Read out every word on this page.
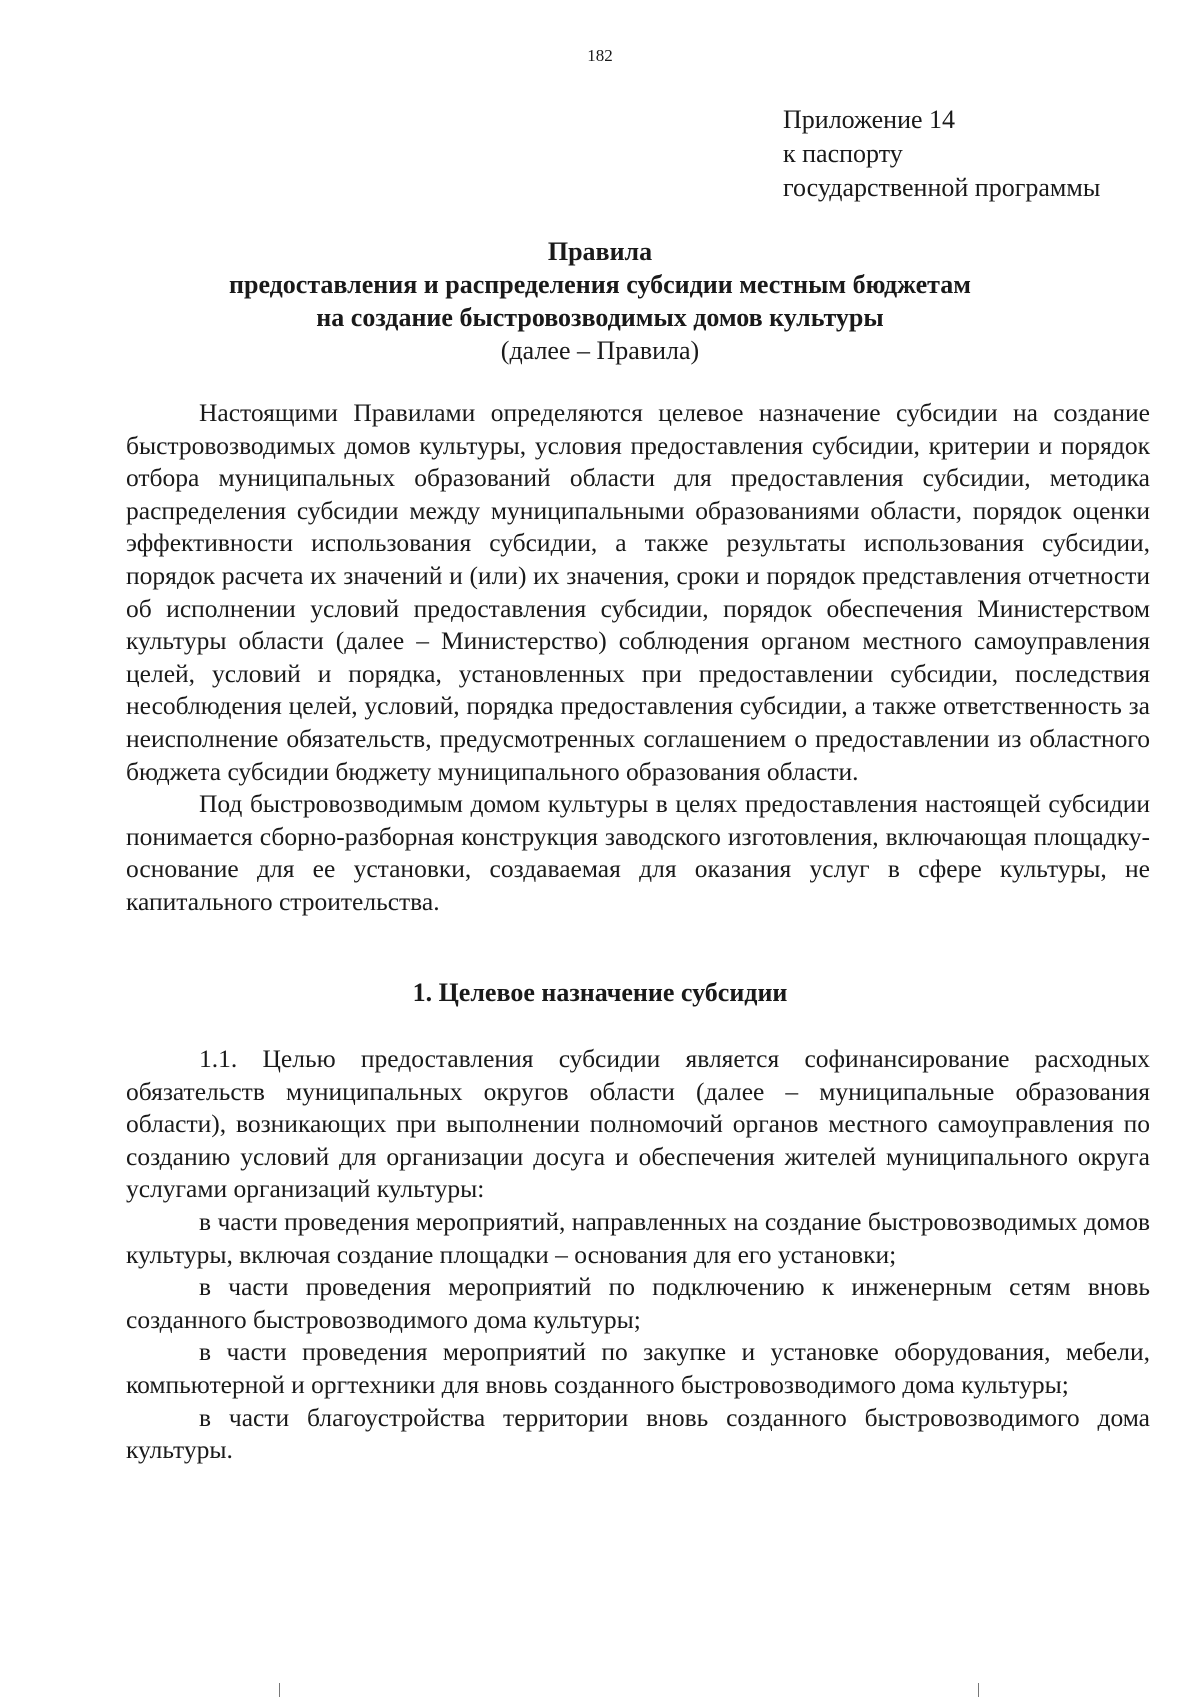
182
Приложение 14
к паспорту
государственной программы
Правила
предоставления и распределения субсидии местным бюджетам
на создание быстровозводимых домов культуры
(далее – Правила)

Настоящими Правилами определяются целевое назначение субсидии на создание быстровозводимых домов культуры, условия предоставления субсидии, критерии и порядок отбора муниципальных образований области для предоставления субсидии, методика распределения субсидии между муниципальными образованиями области, порядок оценки эффективности использования субсидии, а также результаты использования субсидии, порядок расчета их значений и (или) их значения, сроки и порядок представления отчетности об исполнении условий предоставления субсидии, порядок обеспечения Министерством культуры области (далее – Министерство) соблюдения органом местного самоуправления целей, условий и порядка, установленных при предоставлении субсидии, последствия несоблюдения целей, условий, порядка предоставления субсидии, а также ответственность за неисполнение обязательств, предусмотренных соглашением о предоставлении из областного бюджета субсидии бюджету муниципального образования области.

Под быстровозводимым домом культуры в целях предоставления настоящей субсидии понимается сборно-разборная конструкция заводского изготовления, включающая площадку-основание для ее установки, создаваемая для оказания услуг в сфере культуры, не капитального строительства.

1. Целевое назначение субсидии

1.1. Целью предоставления субсидии является софинансирование расходных обязательств муниципальных округов области (далее – муниципальные образования области), возникающих при выполнении полномочий органов местного самоуправления по созданию условий для организации досуга и обеспечения жителей муниципального округа услугами организаций культуры:

в части проведения мероприятий, направленных на создание быстровозводимых домов культуры, включая создание площадки – основания для его установки;

в части проведения мероприятий по подключению к инженерным сетям вновь созданного быстровозводимого дома культуры;

в части проведения мероприятий по закупке и установке оборудования, мебели, компьютерной и оргтехники для вновь созданного быстровозводимого дома культуры;

в части благоустройства территории вновь созданного быстровозводимого дома культуры.
